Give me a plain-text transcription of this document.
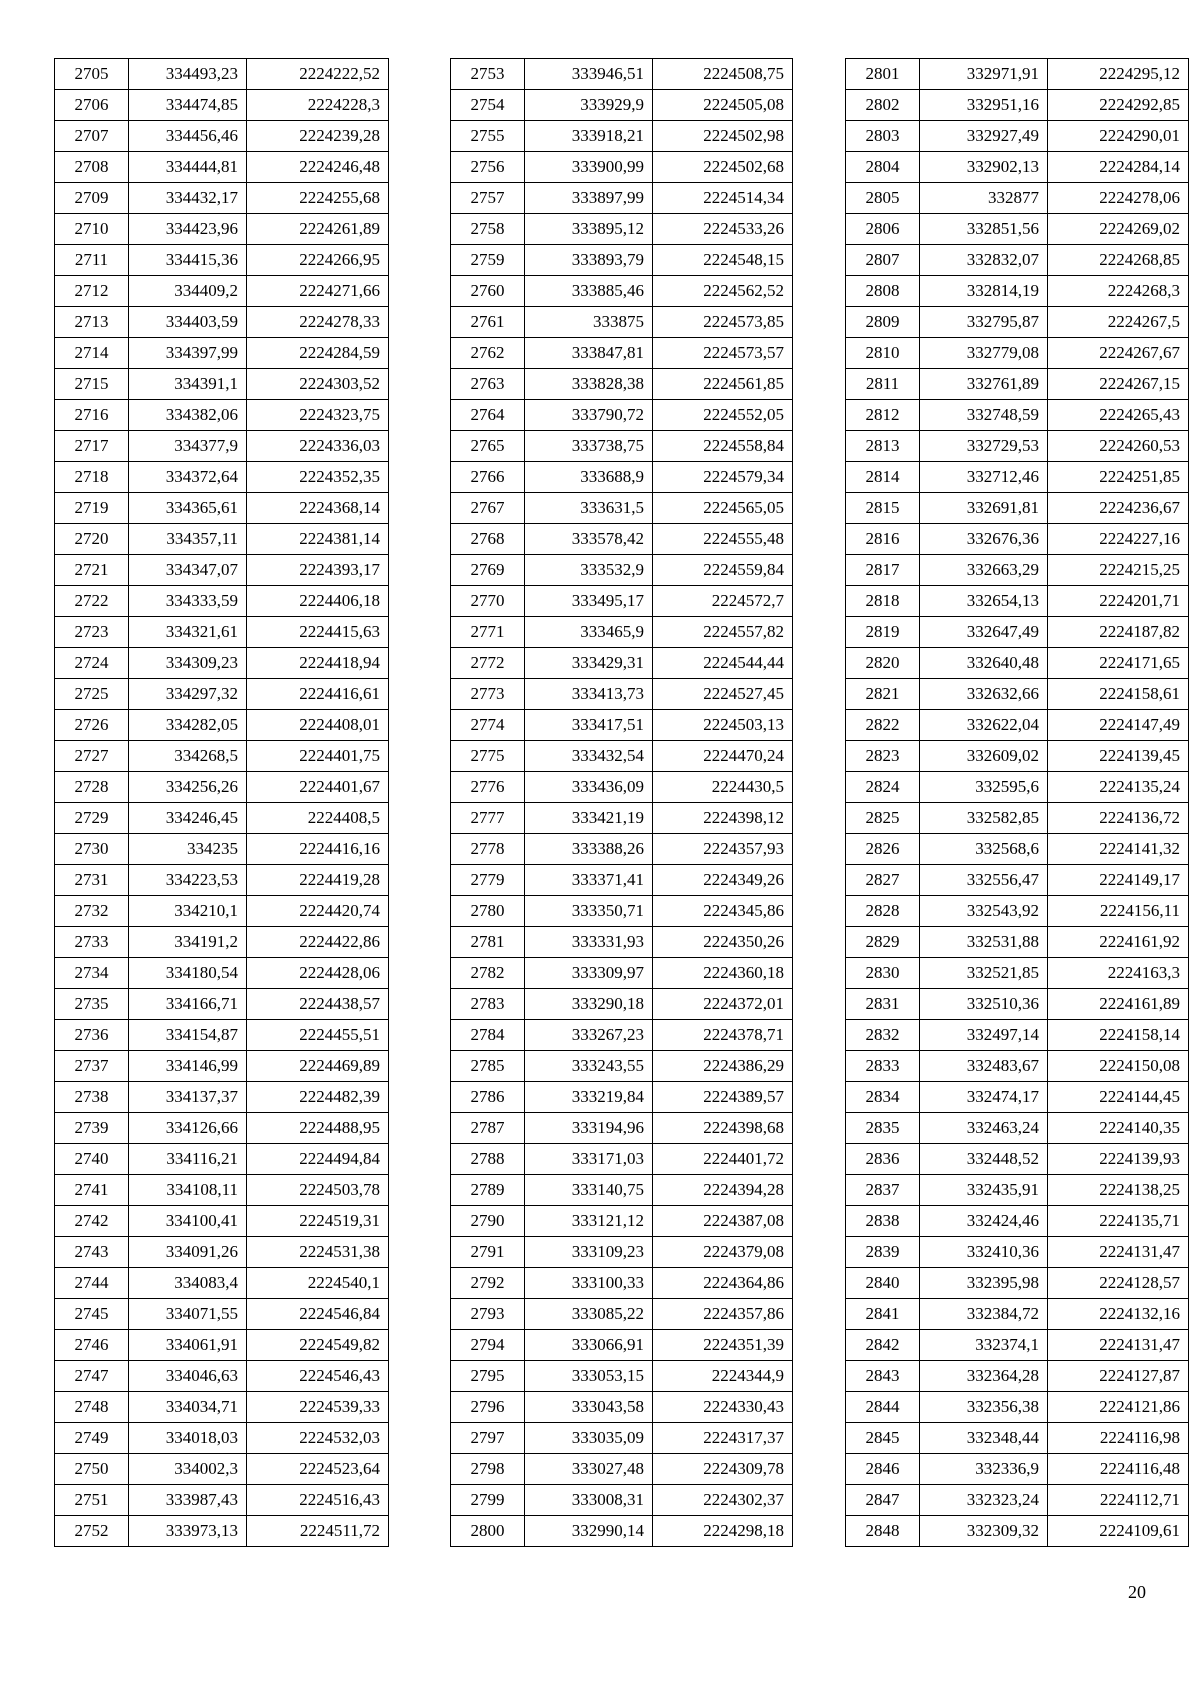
2705	334493,23	2224222,52
2706	334474,85	2224228,3
2707	334456,46	2224239,28
2708	334444,81	2224246,48
2709	334432,17	2224255,68
2710	334423,96	2224261,89
2711	334415,36	2224266,95
2712	334409,2	2224271,66
2713	334403,59	2224278,33
2714	334397,99	2224284,59
2715	334391,1	2224303,52
2716	334382,06	2224323,75
2717	334377,9	2224336,03
2718	334372,64	2224352,35
2719	334365,61	2224368,14
2720	334357,11	2224381,14
2721	334347,07	2224393,17
2722	334333,59	2224406,18
2723	334321,61	2224415,63
2724	334309,23	2224418,94
2725	334297,32	2224416,61
2726	334282,05	2224408,01
2727	334268,5	2224401,75
2728	334256,26	2224401,67
2729	334246,45	2224408,5
2730	334235	2224416,16
2731	334223,53	2224419,28
2732	334210,1	2224420,74
2733	334191,2	2224422,86
2734	334180,54	2224428,06
2735	334166,71	2224438,57
2736	334154,87	2224455,51
2737	334146,99	2224469,89
2738	334137,37	2224482,39
2739	334126,66	2224488,95
2740	334116,21	2224494,84
2741	334108,11	2224503,78
2742	334100,41	2224519,31
2743	334091,26	2224531,38
2744	334083,4	2224540,1
2745	334071,55	2224546,84
2746	334061,91	2224549,82
2747	334046,63	2224546,43
2748	334034,71	2224539,33
2749	334018,03	2224532,03
2750	334002,3	2224523,64
2751	333987,43	2224516,43
2752	333973,13	2224511,72
2753	333946,51	2224508,75
2754	333929,9	2224505,08
2755	333918,21	2224502,98
2756	333900,99	2224502,68
2757	333897,99	2224514,34
2758	333895,12	2224533,26
2759	333893,79	2224548,15
2760	333885,46	2224562,52
2761	333875	2224573,85
2762	333847,81	2224573,57
2763	333828,38	2224561,85
2764	333790,72	2224552,05
2765	333738,75	2224558,84
2766	333688,9	2224579,34
2767	333631,5	2224565,05
2768	333578,42	2224555,48
2769	333532,9	2224559,84
2770	333495,17	2224572,7
2771	333465,9	2224557,82
2772	333429,31	2224544,44
2773	333413,73	2224527,45
2774	333417,51	2224503,13
2775	333432,54	2224470,24
2776	333436,09	2224430,5
2777	333421,19	2224398,12
2778	333388,26	2224357,93
2779	333371,41	2224349,26
2780	333350,71	2224345,86
2781	333331,93	2224350,26
2782	333309,97	2224360,18
2783	333290,18	2224372,01
2784	333267,23	2224378,71
2785	333243,55	2224386,29
2786	333219,84	2224389,57
2787	333194,96	2224398,68
2788	333171,03	2224401,72
2789	333140,75	2224394,28
2790	333121,12	2224387,08
2791	333109,23	2224379,08
2792	333100,33	2224364,86
2793	333085,22	2224357,86
2794	333066,91	2224351,39
2795	333053,15	2224344,9
2796	333043,58	2224330,43
2797	333035,09	2224317,37
2798	333027,48	2224309,78
2799	333008,31	2224302,37
2800	332990,14	2224298,18
2801	332971,91	2224295,12
2802	332951,16	2224292,85
2803	332927,49	2224290,01
2804	332902,13	2224284,14
2805	332877	2224278,06
2806	332851,56	2224269,02
2807	332832,07	2224268,85
2808	332814,19	2224268,3
2809	332795,87	2224267,5
2810	332779,08	2224267,67
2811	332761,89	2224267,15
2812	332748,59	2224265,43
2813	332729,53	2224260,53
2814	332712,46	2224251,85
2815	332691,81	2224236,67
2816	332676,36	2224227,16
2817	332663,29	2224215,25
2818	332654,13	2224201,71
2819	332647,49	2224187,82
2820	332640,48	2224171,65
2821	332632,66	2224158,61
2822	332622,04	2224147,49
2823	332609,02	2224139,45
2824	332595,6	2224135,24
2825	332582,85	2224136,72
2826	332568,6	2224141,32
2827	332556,47	2224149,17
2828	332543,92	2224156,11
2829	332531,88	2224161,92
2830	332521,85	2224163,3
2831	332510,36	2224161,89
2832	332497,14	2224158,14
2833	332483,67	2224150,08
2834	332474,17	2224144,45
2835	332463,24	2224140,35
2836	332448,52	2224139,93
2837	332435,91	2224138,25
2838	332424,46	2224135,71
2839	332410,36	2224131,47
2840	332395,98	2224128,57
2841	332384,72	2224132,16
2842	332374,1	2224131,47
2843	332364,28	2224127,87
2844	332356,38	2224121,86
2845	332348,44	2224116,98
2846	332336,9	2224116,48
2847	332323,24	2224112,71
2848	332309,32	2224109,61
20
